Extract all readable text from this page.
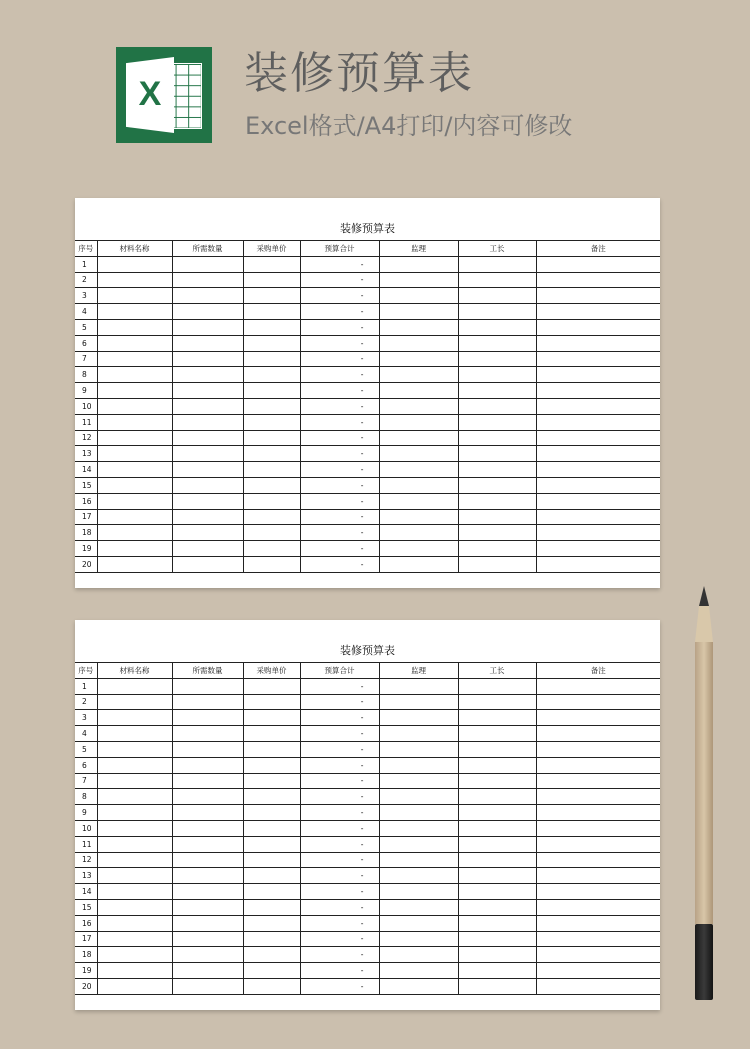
X 装修预算表
Excel格式/A4打印/内容可修改
装修预算表
序号	材料名称	所需数量	采购单价	预算合计	监理	工长	备注
1				-			
2				-			
3				-			
4				-			
5				-			
6				-			
7				-			
8				-			
9				-			
10				-			
11				-			
12				-			
13				-			
14				-			
15				-			
16				-			
17				-			
18				-			
19				-			
20				-			
装修预算表
序号	材料名称	所需数量	采购单价	预算合计	监理	工长	备注
1				-			
2				-			
3				-			
4				-			
5				-			
6				-			
7				-			
8				-			
9				-			
10				-			
11				-			
12				-			
13				-			
14				-			
15				-			
16				-			
17				-			
18				-			
19				-			
20				-			
